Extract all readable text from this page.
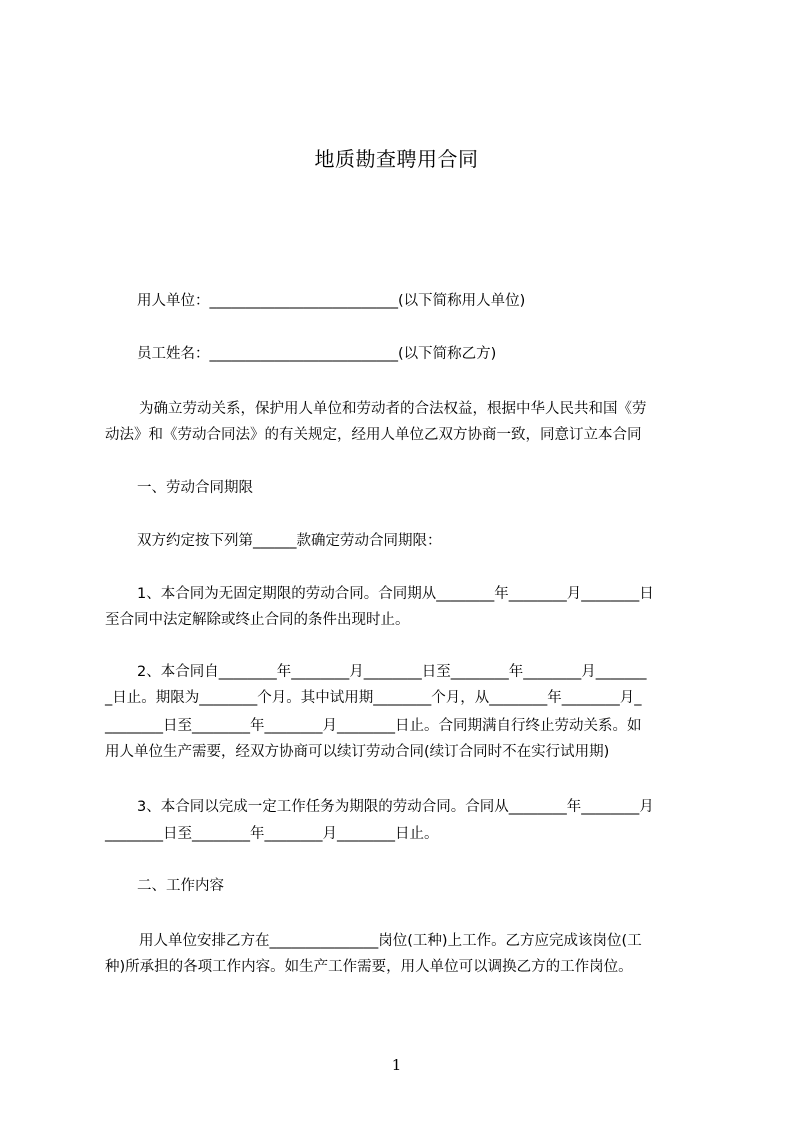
地质勘查聘用合同
用人单位：__________________________(以下简称用人单位)
员工姓名：__________________________(以下简称乙方)
为确立劳动关系，保护用人单位和劳动者的合法权益，根据中华人民共和国《劳
动法》和《劳动合同法》的有关规定，经用人单位乙双方协商一致，同意订立本合同
一、劳动合同期限
双方约定按下列第______款确定劳动合同期限：
1、本合同为无固定期限的劳动合同。合同期从________年________月________日
至合同中法定解除或终止合同的条件出现时止。
2、本合同自________年________月________日至________年________月_______
_日止。期限为________个月。其中试用期________个月，从________年________月_
________日至________年________月________日止。合同期满自行终止劳动关系。如
用人单位生产需要，经双方协商可以续订劳动合同(续订合同时不在实行试用期)
3、本合同以完成一定工作任务为期限的劳动合同。合同从________年________月
________日至________年________月________日止。
二、工作内容
用人单位安排乙方在_______________岗位(工种)上工作。乙方应完成该岗位(工
种)所承担的各项工作内容。如生产工作需要，用人单位可以调换乙方的工作岗位。
1
